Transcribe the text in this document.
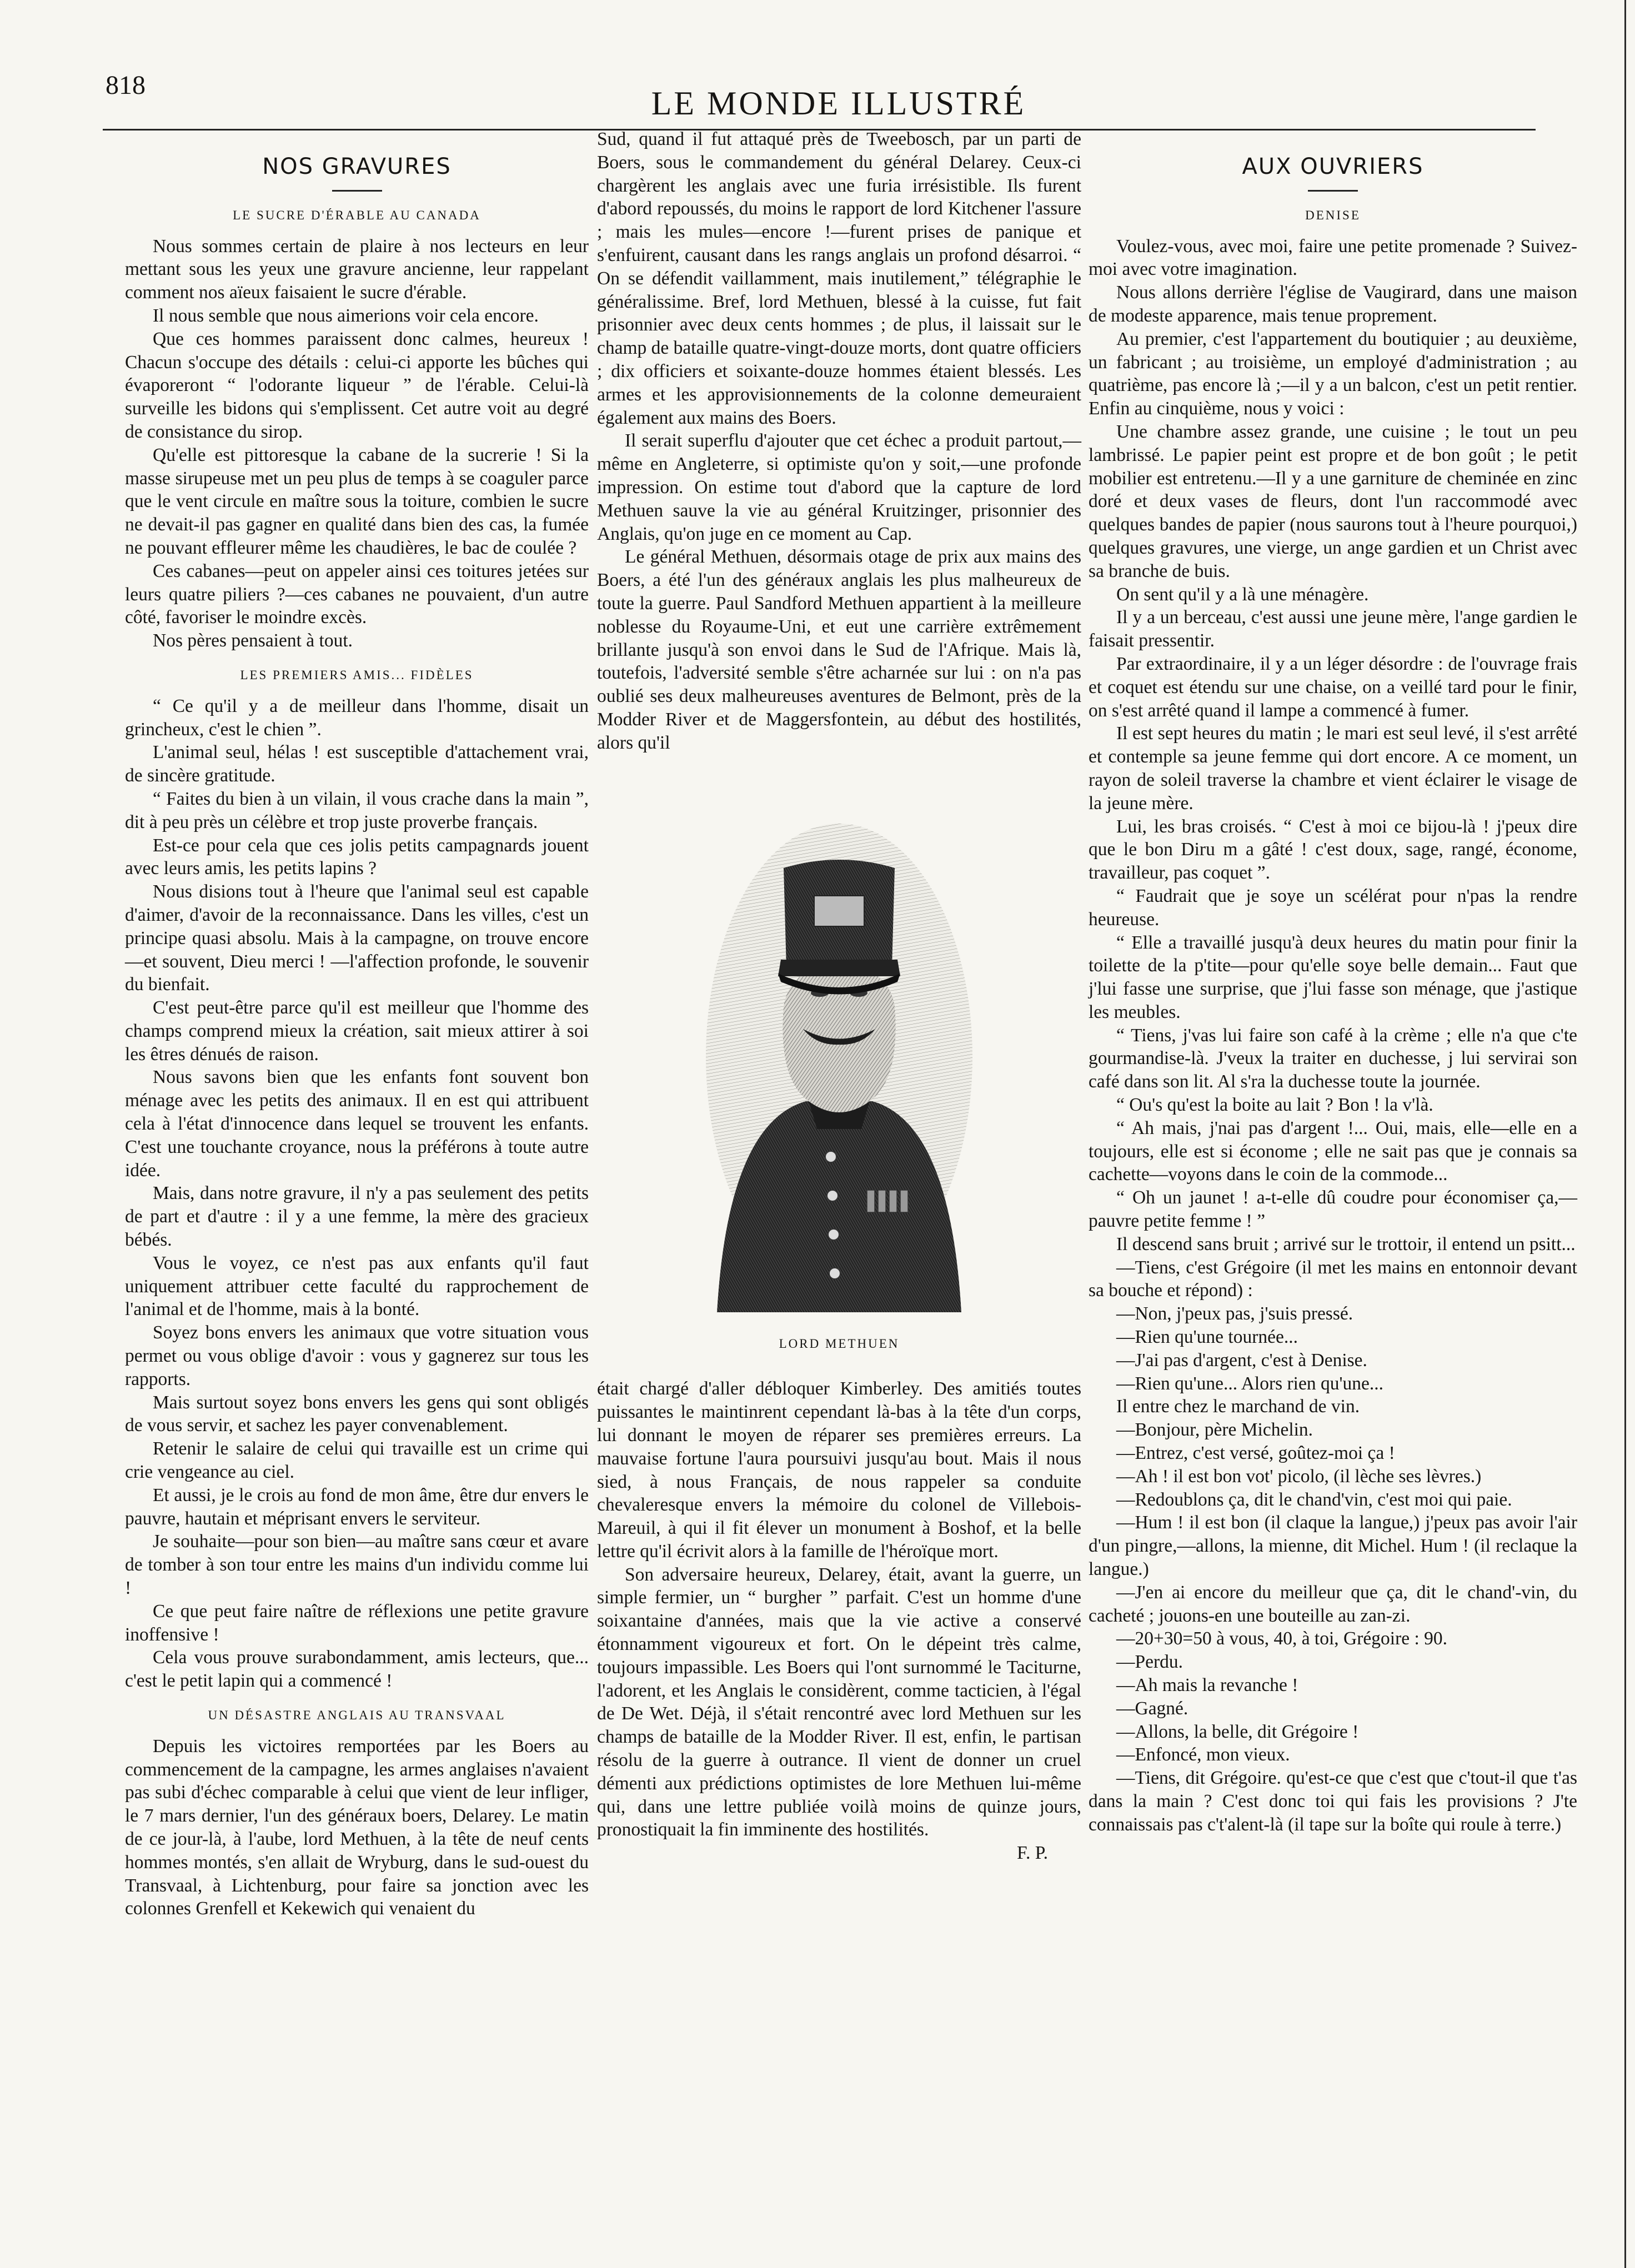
818	LE MONDE ILLUSTRÉ
NOS GRAVURES
LE SUCRE D'ÉRABLE AU CANADA

Nous sommes certain de plaire à nos lecteurs en leur mettant sous les yeux une gravure ancienne, leur rappelant comment nos aïeux faisaient le sucre d'érable.

Il nous semble que nous aimerions voir cela encore.

Que ces hommes paraissent donc calmes, heureux ! Chacun s'occupe des détails : celui-ci apporte les bûches qui évaporeront “ l'odorante liqueur ” de l'érable. Celui-là surveille les bidons qui s'emplissent. Cet autre voit au degré de consistance du sirop.

Qu'elle est pittoresque la cabane de la sucrerie ! Si la masse sirupeuse met un peu plus de temps à se coaguler parce que le vent circule en maître sous la toiture, combien le sucre ne devait-il pas gagner en qualité dans bien des cas, la fumée ne pouvant effleurer même les chaudières, le bac de coulée ?

Ces cabanes—peut on appeler ainsi ces toitures jetées sur leurs quatre piliers ?—ces cabanes ne pouvaient, d'un autre côté, favoriser le moindre excès.

Nos pères pensaient à tout.

LES PREMIERS AMIS... FIDÈLES

“ Ce qu'il y a de meilleur dans l'homme, disait un grincheux, c'est le chien ”.

L'animal seul, hélas ! est susceptible d'attachement vrai, de sincère gratitude.

“ Faites du bien à un vilain, il vous crache dans la main ”, dit à peu près un célèbre et trop juste proverbe français.

Est-ce pour cela que ces jolis petits campagnards jouent avec leurs amis, les petits lapins ?

Nous disions tout à l'heure que l'animal seul est capable d'aimer, d'avoir de la reconnaissance. Dans les villes, c'est un principe quasi absolu. Mais à la campagne, on trouve encore—et souvent, Dieu merci ! —l'affection profonde, le souvenir du bienfait.

C'est peut-être parce qu'il est meilleur que l'homme des champs comprend mieux la création, sait mieux attirer à soi les êtres dénués de raison.

Nous savons bien que les enfants font souvent bon ménage avec les petits des animaux. Il en est qui attribuent cela à l'état d'innocence dans lequel se trouvent les enfants. C'est une touchante croyance, nous la préférons à toute autre idée.

Mais, dans notre gravure, il n'y a pas seulement des petits de part et d'autre : il y a une femme, la mère des gracieux bébés.

Vous le voyez, ce n'est pas aux enfants qu'il faut uniquement attribuer cette faculté du rapprochement de l'animal et de l'homme, mais à la bonté.

Soyez bons envers les animaux que votre situation vous permet ou vous oblige d'avoir : vous y gagnerez sur tous les rapports.

Mais surtout soyez bons envers les gens qui sont obligés de vous servir, et sachez les payer convenablement.

Retenir le salaire de celui qui travaille est un crime qui crie vengeance au ciel.

Et aussi, je le crois au fond de mon âme, être dur envers le pauvre, hautain et méprisant envers le serviteur.

Je souhaite—pour son bien—au maître sans cœur et avare de tomber à son tour entre les mains d'un individu comme lui !

Ce que peut faire naître de réflexions une petite gravure inoffensive !

Cela vous prouve surabondamment, amis lecteurs, que... c'est le petit lapin qui a commencé !

UN DÉSASTRE ANGLAIS AU TRANSVAAL

Depuis les victoires remportées par les Boers au commencement de la campagne, les armes anglaises n'avaient pas subi d'échec comparable à celui que vient de leur infliger, le 7 mars dernier, l'un des généraux boers, Delarey. Le matin de ce jour-là, à l'aube, lord Methuen, à la tête de neuf cents hommes montés, s'en allait de Wryburg, dans le sud-ouest du Transvaal, à Lichtenburg, pour faire sa jonction avec les colonnes Grenfell et Kekewich qui venaient du

Sud, quand il fut attaqué près de Tweebosch, par un parti de Boers, sous le commandement du général Delarey. Ceux-ci chargèrent les anglais avec une furia irrésistible. Ils furent d'abord repoussés, du moins le rapport de lord Kitchener l'assure ; mais les mules—encore !—furent prises de panique et s'enfuirent, causant dans les rangs anglais un profond désarroi. “ On se défendit vaillamment, mais inutilement,” télégraphie le généralissime. Bref, lord Methuen, blessé à la cuisse, fut fait prisonnier avec deux cents hommes ; de plus, il laissait sur le champ de bataille quatre-vingt-douze morts, dont quatre officiers ; dix officiers et soixante-douze hommes étaient blessés. Les armes et les approvisionnements de la colonne demeuraient également aux mains des Boers.

Il serait superflu d'ajouter que cet échec a produit partout,—même en Angleterre, si optimiste qu'on y soit,—une profonde impression. On estime tout d'abord que la capture de lord Methuen sauve la vie au général Kruitzinger, prisonnier des Anglais, qu'on juge en ce moment au Cap.

Le général Methuen, désormais otage de prix aux mains des Boers, a été l'un des généraux anglais les plus malheureux de toute la guerre. Paul Sandford Methuen appartient à la meilleure noblesse du Royaume-Uni, et eut une carrière extrêmement brillante jusqu'à son envoi dans le Sud de l'Afrique. Mais là, toutefois, l'adversité semble s'être acharnée sur lui : on n'a pas oublié ses deux malheureuses aventures de Belmont, près de la Modder River et de Maggersfontein, au début des hostilités, alors qu'il

LORD METHUEN

était chargé d'aller débloquer Kimberley. Des amitiés toutes puissantes le maintinrent cependant là-bas à la tête d'un corps, lui donnant le moyen de réparer ses premières erreurs. La mauvaise fortune l'aura poursuivi jusqu'au bout. Mais il nous sied, à nous Français, de nous rappeler sa conduite chevaleresque envers la mémoire du colonel de Villebois-Mareuil, à qui il fit élever un monument à Boshof, et la belle lettre qu'il écrivit alors à la famille de l'héroïque mort.

Son adversaire heureux, Delarey, était, avant la guerre, un simple fermier, un “ burgher ” parfait. C'est un homme d'une soixantaine d'années, mais que la vie active a conservé étonnamment vigoureux et fort. On le dépeint très calme, toujours impassible. Les Boers qui l'ont surnommé le Taciturne, l'adorent, et les Anglais le considèrent, comme tacticien, à l'égal de De Wet. Déjà, il s'était rencontré avec lord Methuen sur les champs de bataille de la Modder River. Il est, enfin, le partisan résolu de la guerre à outrance. Il vient de donner un cruel démenti aux prédictions optimistes de lore Methuen lui-même qui, dans une lettre publiée voilà moins de quinze jours, pronostiquait la fin imminente des hostilités.

F. P.

AUX OUVRIERS
DENISE

Voulez-vous, avec moi, faire une petite promenade ? Suivez-moi avec votre imagination.

Nous allons derrière l'église de Vaugirard, dans une maison de modeste apparence, mais tenue proprement.

Au premier, c'est l'appartement du boutiquier ; au deuxième, un fabricant ; au troisième, un employé d'administration ; au quatrième, pas encore là ;—il y a un balcon, c'est un petit rentier. Enfin au cinquième, nous y voici :

Une chambre assez grande, une cuisine ; le tout un peu lambrissé. Le papier peint est propre et de bon goût ; le petit mobilier est entretenu.—Il y a une garniture de cheminée en zinc doré et deux vases de fleurs, dont l'un raccommodé avec quelques bandes de papier (nous saurons tout à l'heure pourquoi,) quelques gravures, une vierge, un ange gardien et un Christ avec sa branche de buis.

On sent qu'il y a là une ménagère.

Il y a un berceau, c'est aussi une jeune mère, l'ange gardien le faisait pressentir.

Par extraordinaire, il y a un léger désordre : de l'ouvrage frais et coquet est étendu sur une chaise, on a veillé tard pour le finir, on s'est arrêté quand il lampe a commencé à fumer.

Il est sept heures du matin ; le mari est seul levé, il s'est arrêté et contemple sa jeune femme qui dort encore. A ce moment, un rayon de soleil traverse la chambre et vient éclairer le visage de la jeune mère.

Lui, les bras croisés. “ C'est à moi ce bijou-là ! j'peux dire que le bon Diru m a gâté ! c'est doux, sage, rangé, économe, travailleur, pas coquet ”.

“ Faudrait que je soye un scélérat pour n'pas la rendre heureuse.

“ Elle a travaillé jusqu'à deux heures du matin pour finir la toilette de la p'tite—pour qu'elle soye belle demain... Faut que j'lui fasse une surprise, que j'lui fasse son ménage, que j'astique les meubles.

“ Tiens, j'vas lui faire son café à la crème ; elle n'a que c'te gourmandise-là. J'veux la traiter en duchesse, j lui servirai son café dans son lit. Al s'ra la duchesse toute la journée.

“ Ou's qu'est la boite au lait ? Bon ! la v'là.

“ Ah mais, j'nai pas d'argent !... Oui, mais, elle—elle en a toujours, elle est si économe ; elle ne sait pas que je connais sa cachette—voyons dans le coin de la commode...

“ Oh un jaunet ! a-t-elle dû coudre pour économiser ça,—pauvre petite femme ! ”

Il descend sans bruit ; arrivé sur le trottoir, il entend un psitt...

—Tiens, c'est Grégoire (il met les mains en entonnoir devant sa bouche et répond) :

—Non, j'peux pas, j'suis pressé.

—Rien qu'une tournée...

—J'ai pas d'argent, c'est à Denise.

—Rien qu'une... Alors rien qu'une...

Il entre chez le marchand de vin.

—Bonjour, père Michelin.

—Entrez, c'est versé, goûtez-moi ça !

—Ah ! il est bon vot' picolo, (il lèche ses lèvres.)

—Redoublons ça, dit le chand'vin, c'est moi qui paie.

—Hum ! il est bon (il claque la langue,) j'peux pas avoir l'air d'un pingre,—allons, la mienne, dit Michel. Hum ! (il reclaque la langue.)

—J'en ai encore du meilleur que ça, dit le chand'-vin, du cacheté ; jouons-en une bouteille au zan-zi.

—20+30=50 à vous, 40, à toi, Grégoire : 90.

—Perdu.

—Ah mais la revanche !

—Gagné.

—Allons, la belle, dit Grégoire !

—Enfoncé, mon vieux.

—Tiens, dit Grégoire. qu'est-ce que c'est que c'tout-il que t'as dans la main ? C'est donc toi qui fais les provisions ? J'te connaissais pas c't'alent-là (il tape sur la boîte qui roule à terre.)
